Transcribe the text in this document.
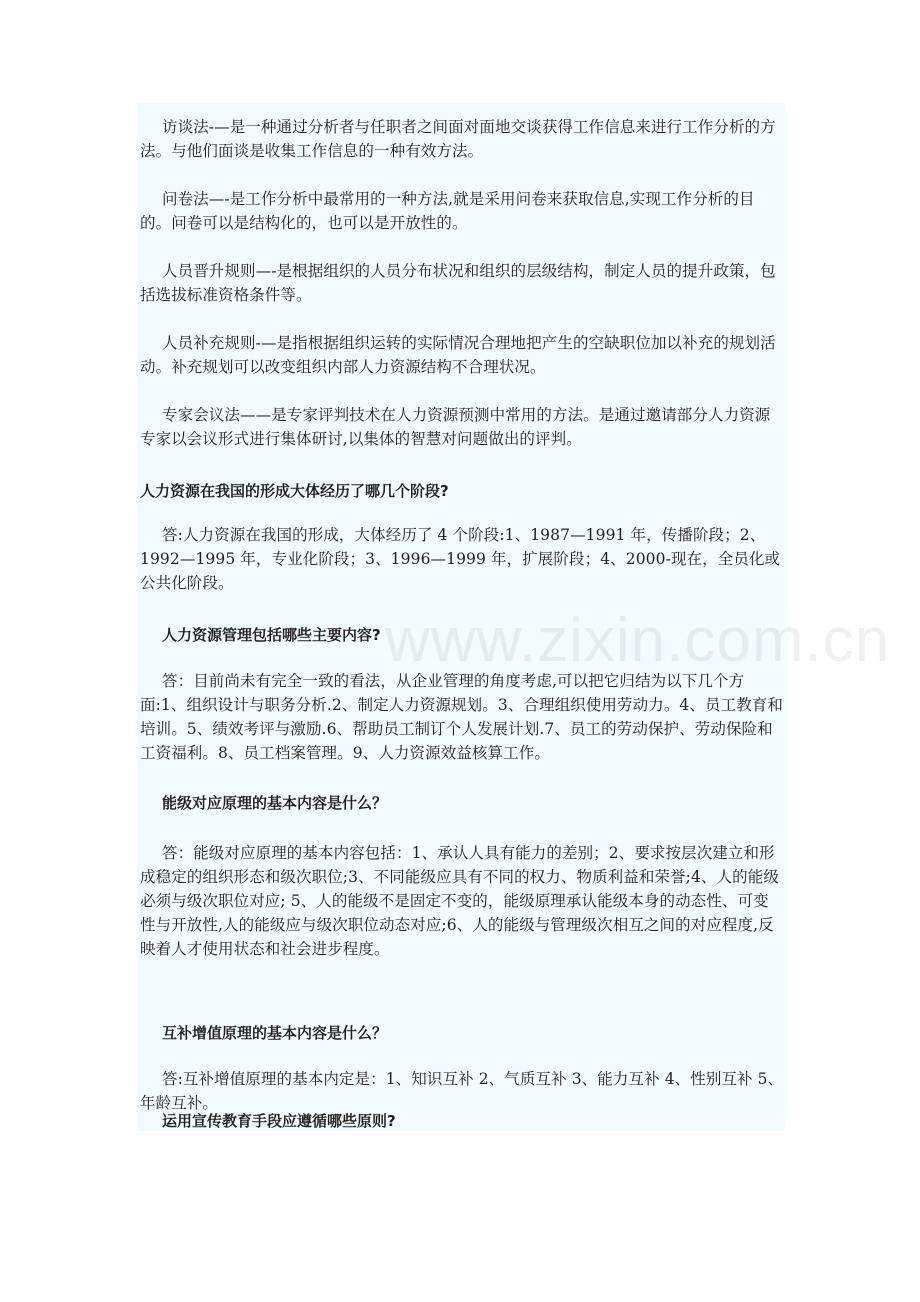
访谈法-—是一种通过分析者与任职者之间面对面地交谈获得工作信息来进行工作分析的方法。与他们面谈是收集工作信息的一种有效方法。

问卷法—-是工作分析中最常用的一种方法,就是采用问卷来获取信息,实现工作分析的目的。问卷可以是结构化的，也可以是开放性的。

人员晋升规则—-是根据组织的人员分布状况和组织的层级结构，制定人员的提升政策，包括选拔标准资格条件等。

人员补充规则-—是指根据组织运转的实际情况合理地把产生的空缺职位加以补充的规划活动。补充规划可以改变组织内部人力资源结构不合理状况。

专家会议法——是专家评判技术在人力资源预测中常用的方法。是通过邀请部分人力资源专家以会议形式进行集体研讨,以集体的智慧对问题做出的评判。

人力资源在我国的形成大体经历了哪几个阶段?

答:人力资源在我国的形成，大体经历了 4 个阶段:1、1987—1991 年，传播阶段；2、1992—1995 年，专业化阶段；3、1996—1999 年，扩展阶段；4、2000-现在，全员化或公共化阶段。

人力资源管理包括哪些主要内容?

答：目前尚未有完全一致的看法，从企业管理的角度考虑,可以把它归结为以下几个方面:1、组织设计与职务分析.2、制定人力资源规划。3、合理组织使用劳动力。4、员工教育和培训。5、绩效考评与激励.6、帮助员工制订个人发展计划.7、员工的劳动保护、劳动保险和工资福利。8、员工档案管理。9、人力资源效益核算工作。

能级对应原理的基本内容是什么？

答：能级对应原理的基本内容包括：1、承认人具有能力的差别；2、要求按层次建立和形成稳定的组织形态和级次职位;3、不同能级应具有不同的权力、物质利益和荣誉;4、人的能级必须与级次职位对应; 5、人的能级不是固定不变的，能级原理承认能级本身的动态性、可变性与开放性,人的能级应与级次职位动态对应;6、人的能级与管理级次相互之间的对应程度,反映着人才使用状态和社会进步程度。

互补增值原理的基本内容是什么？

答:互补增值原理的基本内定是：1、知识互补 2、气质互补 3、能力互补 4、性别互补 5、年龄互补。

运用宣传教育手段应遵循哪些原则?
